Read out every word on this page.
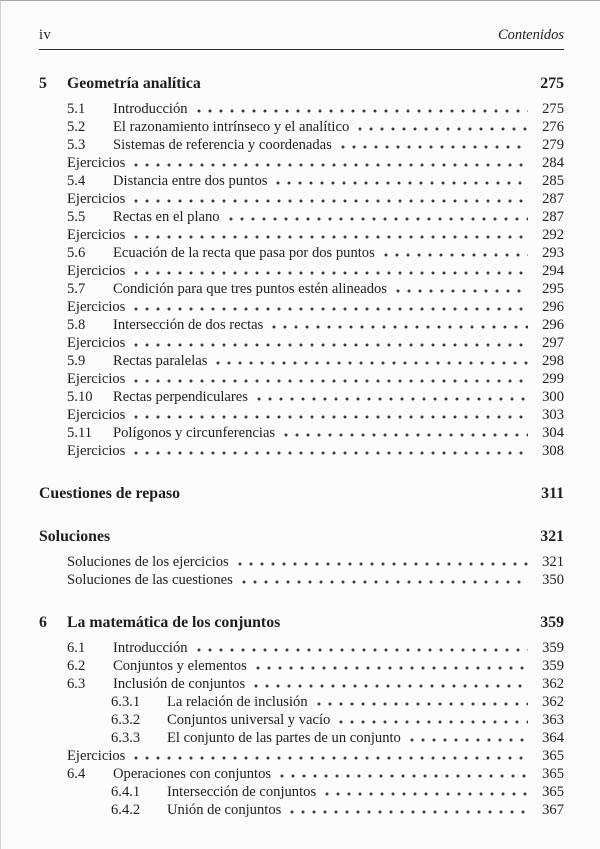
iv	Contenidos
5	Geometría analítica	275
5.1	Introducción	275
5.2	El razonamiento intrínseco y el analítico	276
5.3	Sistemas de referencia y coordenadas	279
Ejercicios	284
5.4	Distancia entre dos puntos	285
Ejercicios	287
5.5	Rectas en el plano	287
Ejercicios	292
5.6	Ecuación de la recta que pasa por dos puntos	293
Ejercicios	294
5.7	Condición para que tres puntos estén alineados	295
Ejercicios	296
5.8	Intersección de dos rectas	296
Ejercicios	297
5.9	Rectas paralelas	298
Ejercicios	299
5.10	Rectas perpendiculares	300
Ejercicios	303
5.11	Polígonos y circunferencias	304
Ejercicios	308
Cuestiones de repaso	311
Soluciones	321
Soluciones de los ejercicios	321
Soluciones de las cuestiones	350
6	La matemática de los conjuntos	359
6.1	Introducción	359
6.2	Conjuntos y elementos	359
6.3	Inclusión de conjuntos	362
6.3.1	La relación de inclusión	362
6.3.2	Conjuntos universal y vacío	363
6.3.3	El conjunto de las partes de un conjunto	364
Ejercicios	365
6.4	Operaciones con conjuntos	365
6.4.1	Intersección de conjuntos	365
6.4.2	Unión de conjuntos	367
